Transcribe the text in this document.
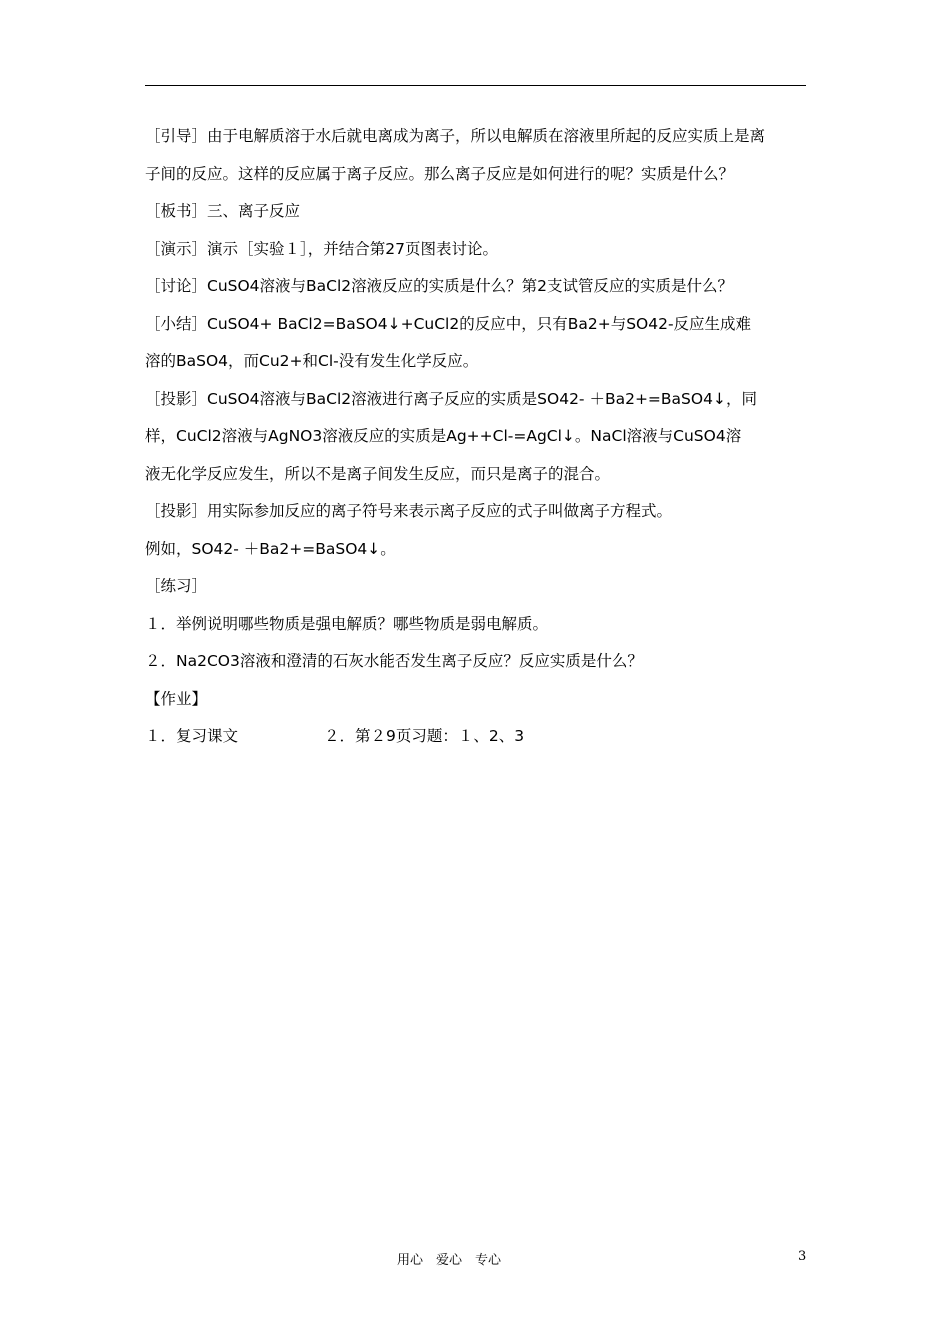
［引导］由于电解质溶于水后就电离成为离子，所以电解质在溶液里所起的反应实质上是离
子间的反应。这样的反应属于离子反应。那么离子反应是如何进行的呢？实质是什么？
［板书］三、离子反应
［演示］演示［实验１］，并结合第27页图表讨论。
［讨论］CuSO4溶液与BaCl2溶液反应的实质是什么？第2支试管反应的实质是什么？
［小结］CuSO4+ BaCl2=BaSO4↓+CuCl2的反应中，只有Ba2+与SO42-反应生成难
溶的BaSO4，而Cu2+和Cl-没有发生化学反应。
［投影］CuSO4溶液与BaCl2溶液进行离子反应的实质是SO42- ＋Ba2+=BaSO4↓，同
样，CuCl2溶液与AgNO3溶液反应的实质是Ag++Cl-=AgCl↓。NaCl溶液与CuSO4溶
液无化学反应发生，所以不是离子间发生反应，而只是离子的混合。
［投影］用实际参加反应的离子符号来表示离子反应的式子叫做离子方程式。
例如，SO42- ＋Ba2+=BaSO4↓。
［练习］
１．举例说明哪些物质是强电解质？哪些物质是弱电解质。
２．Na2CO3溶液和澄清的石灰水能否发生离子反应？反应实质是什么？
【作业】
１．复习课文	２．第２9页习题：１、2、3
用心　爱心　专心	3
